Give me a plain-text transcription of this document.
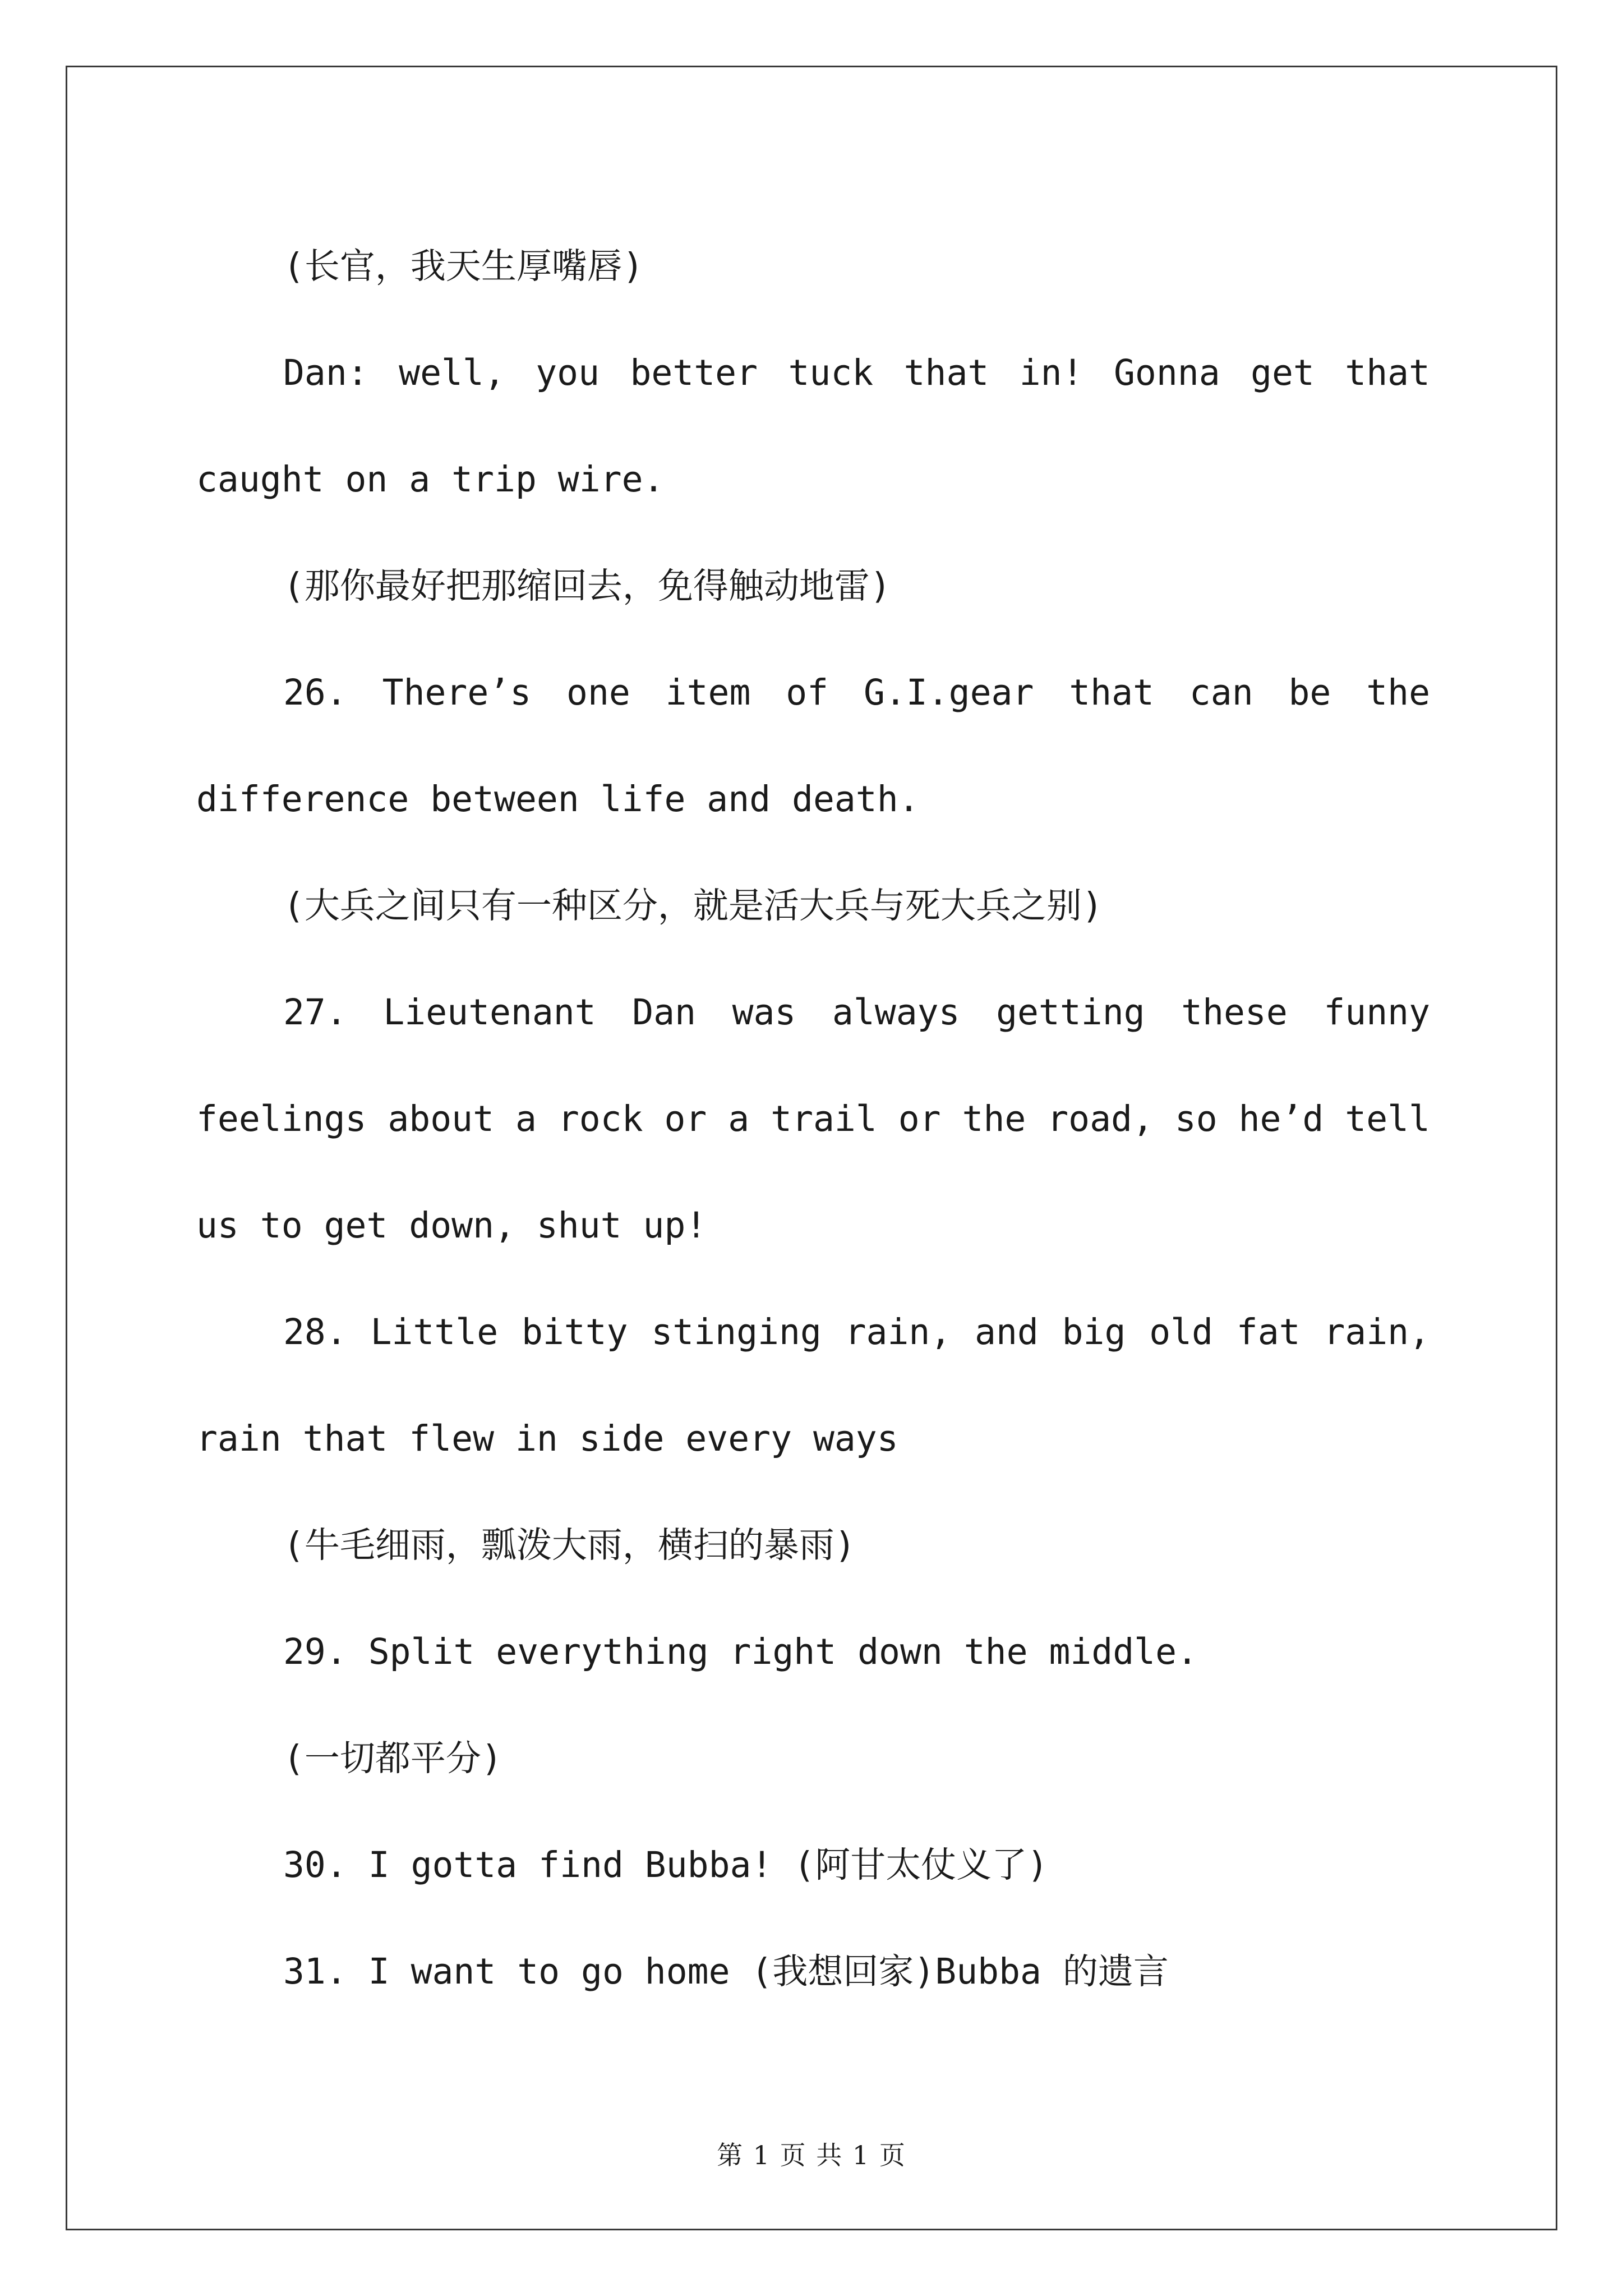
(长官，我天生厚嘴唇)

Dan: well, you better tuck that in! Gonna get that caught on a trip wire.

(那你最好把那缩回去，免得触动地雷)

26. There’s one item of G.I.gear that can be the difference between life and death.

(大兵之间只有一种区分，就是活大兵与死大兵之别)

27. Lieutenant Dan was always getting these funny feelings about a rock or a trail or the road, so he’d tell us to get down, shut up!

28. Little bitty stinging rain, and big old fat rain, rain that flew in side every ways

(牛毛细雨，瓢泼大雨，横扫的暴雨)

29. Split everything right down the middle.

(一切都平分)

30. I gotta find Bubba! (阿甘太仗义了)

31. I want to go home (我想回家)Bubba 的遗言

第 1 页 共 1 页
